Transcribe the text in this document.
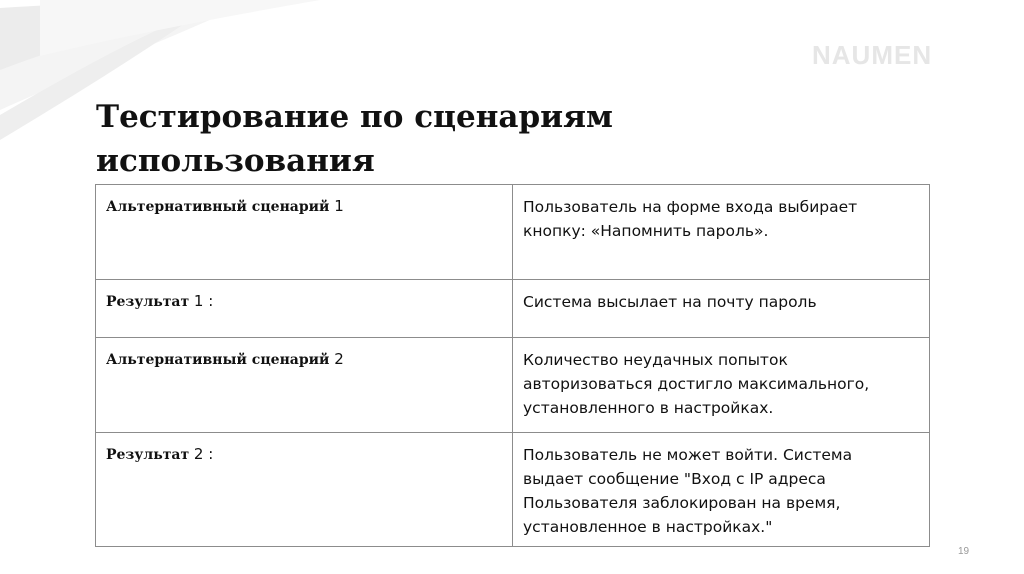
NAUMEN
Тестирование по сценариям
использования
Альтернативный сценарий 1	Пользователь на форме входа выбирает кнопку: «Напомнить пароль».

Результат 1 :	Система высылает на почту пароль

Альтернативный сценарий 2	Количество неудачных попыток авторизоваться достигло максимального, установленного в настройках.

Результат 2 :	Пользователь не может войти. Система выдает сообщение "Вход с IP адреса Пользователя заблокирован на время, установленное в настройках."
19
